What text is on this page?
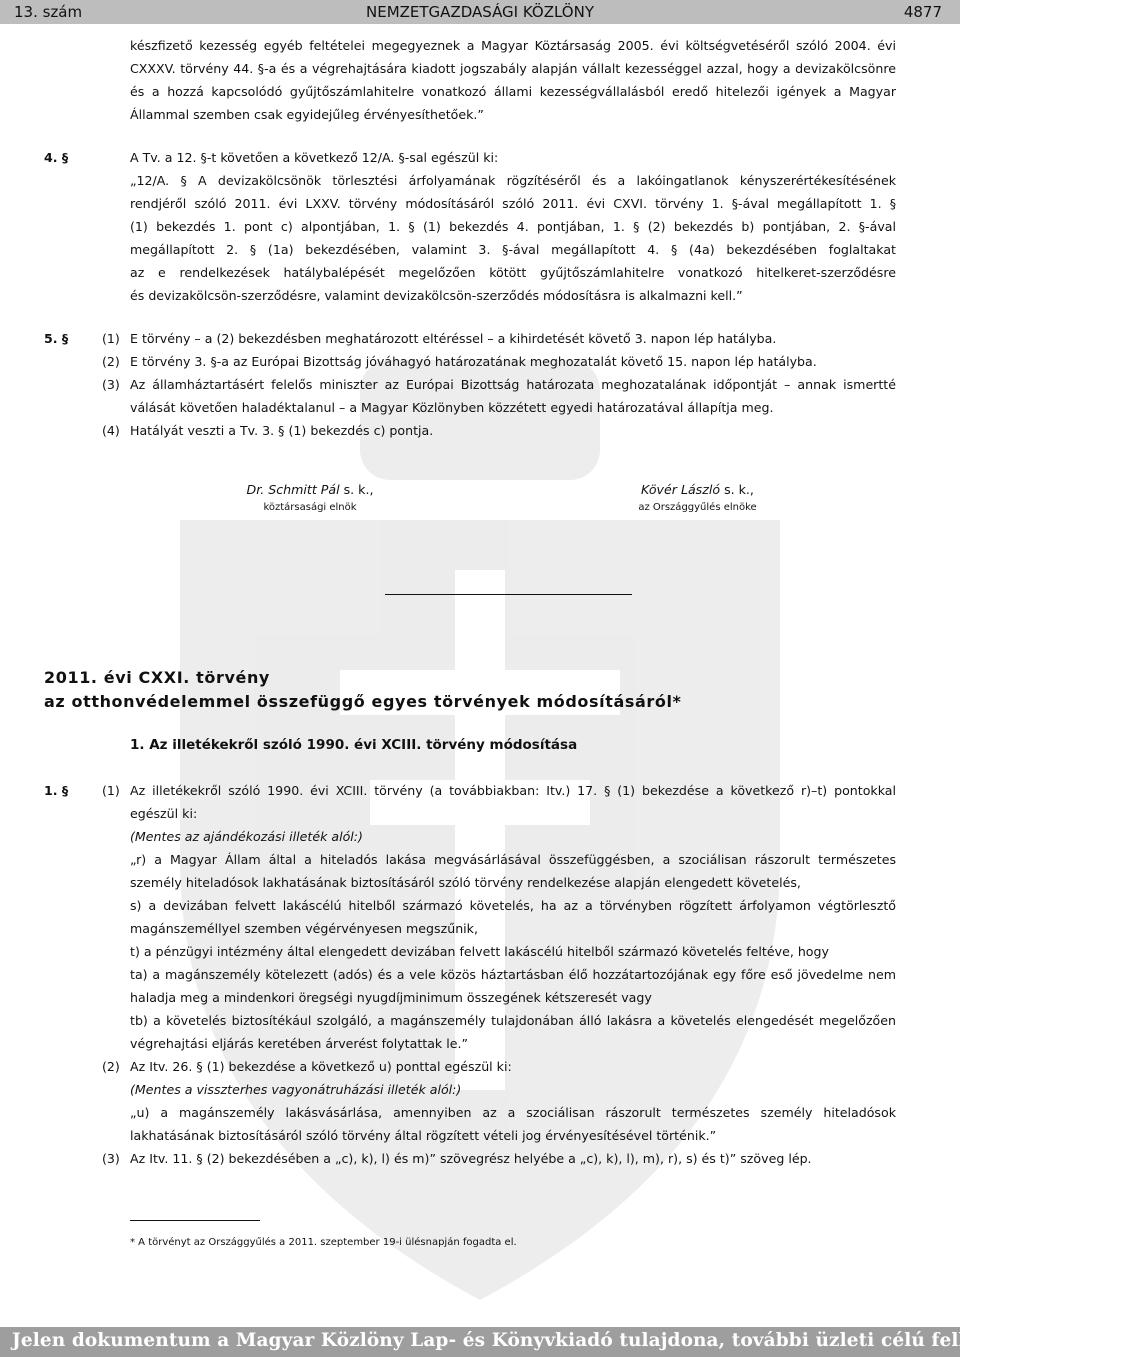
13. szám	NEMZETGAZDASÁGI KÖZLÖNY	4877
készfizető kezesség egyéb feltételei megegyeznek a Magyar Köztársaság 2005. évi költségvetéséről szóló 2004. évi
CXXXV. törvény 44. §-a és a végrehajtására kiadott jogszabály alapján vállalt kezességgel azzal, hogy a devizakölcsönre
és a hozzá kapcsolódó gyűjtőszámlahitelre vonatkozó állami kezességvállalásból eredő hitelezői igények a Magyar
Állammal szemben csak egyidejűleg érvényesíthetőek.”
4. §	A Tv. a 12. §-t követően a következő 12/A. §-sal egészül ki:
„12/A. § A devizakölcsönök törlesztési árfolyamának rögzítéséről és a lakóingatlanok kényszerértékesítésének
rendjéről szóló 2011. évi LXXV. törvény módosításáról szóló 2011. évi CXVI. törvény 1. §-ával megállapított 1. §
(1) bekezdés 1. pont c) alpontjában, 1. § (1) bekezdés 4. pontjában, 1. § (2) bekezdés b) pontjában, 2. §-ával
megállapított 2. § (1a) bekezdésében, valamint 3. §-ával megállapított 4. § (4a) bekezdésében foglaltakat
az e rendelkezések hatálybalépését megelőzően kötött gyűjtőszámlahitelre vonatkozó hitelkeret-szerződésre
és devizakölcsön-szerződésre, valamint devizakölcsön-szerződés módosításra is alkalmazni kell.”
5. §	(1) E törvény – a (2) bekezdésben meghatározott eltéréssel – a kihirdetését követő 3. napon lép hatályba.
(2) E törvény 3. §-a az Európai Bizottság jóváhagyó határozatának meghozatalát követő 15. napon lép hatályba.
(3) Az államháztartásért felelős miniszter az Európai Bizottság határozata meghozatalának időpontját – annak ismertté
válását követően haladéktalanul – a Magyar Közlönyben közzétett egyedi határozatával állapítja meg.
(4) Hatályát veszti a Tv. 3. § (1) bekezdés c) pontja.
Dr. Schmitt Pál s. k.,
köztársasági elnök
Kövér László s. k.,
az Országgyűlés elnöke
2011. évi CXXI. törvény
az otthonvédelemmel összefüggő egyes törvények módosításáról*
1. Az illetékekről szóló 1990. évi XCIII. törvény módosítása
1. §	(1) Az illetékekről szóló 1990. évi XCIII. törvény (a továbbiakban: Itv.) 17. § (1) bekezdése a következő r)–t) pontokkal
egészül ki:
(Mentes az ajándékozási illeték alól:)
„r) a Magyar Állam által a hiteladós lakása megvásárlásával összefüggésben, a szociálisan rászorult természetes
személy hiteladósok lakhatásának biztosításáról szóló törvény rendelkezése alapján elengedett követelés,
s) a devizában felvett lakáscélú hitelből származó követelés, ha az a törvényben rögzített árfolyamon végtörlesztő
magánszeméllyel szemben végérvényesen megszűnik,
t) a pénzügyi intézmény által elengedett devizában felvett lakáscélú hitelből származó követelés feltéve, hogy
ta) a magánszemély kötelezett (adós) és a vele közös háztartásban élő hozzátartozójának egy főre eső jövedelme nem
haladja meg a mindenkori öregségi nyugdíjminimum összegének kétszeresét vagy
tb) a követelés biztosítékául szolgáló, a magánszemély tulajdonában álló lakásra a követelés elengedését megelőzően
végrehajtási eljárás keretében árverést folytattak le.”
(2) Az Itv. 26. § (1) bekezdése a következő u) ponttal egészül ki:
(Mentes a visszterhes vagyonátruházási illeték alól:)
„u) a magánszemély lakásvásárlása, amennyiben az a szociálisan rászorult természetes személy hiteladósok
lakhatásának biztosításáról szóló törvény által rögzített vételi jog érvényesítésével történik.”
(3) Az Itv. 11. § (2) bekezdésében a „c), k), l) és m)” szövegrész helyébe a „c), k), l), m), r), s) és t)” szöveg lép.
* A törvényt az Országgyűlés a 2011. szeptember 19-i ülésnapján fogadta el.
Jelen dokumentum a Magyar Közlöny Lap- és Könyvkiadó tulajdona, további üzleti célú felhasználása tilos!
